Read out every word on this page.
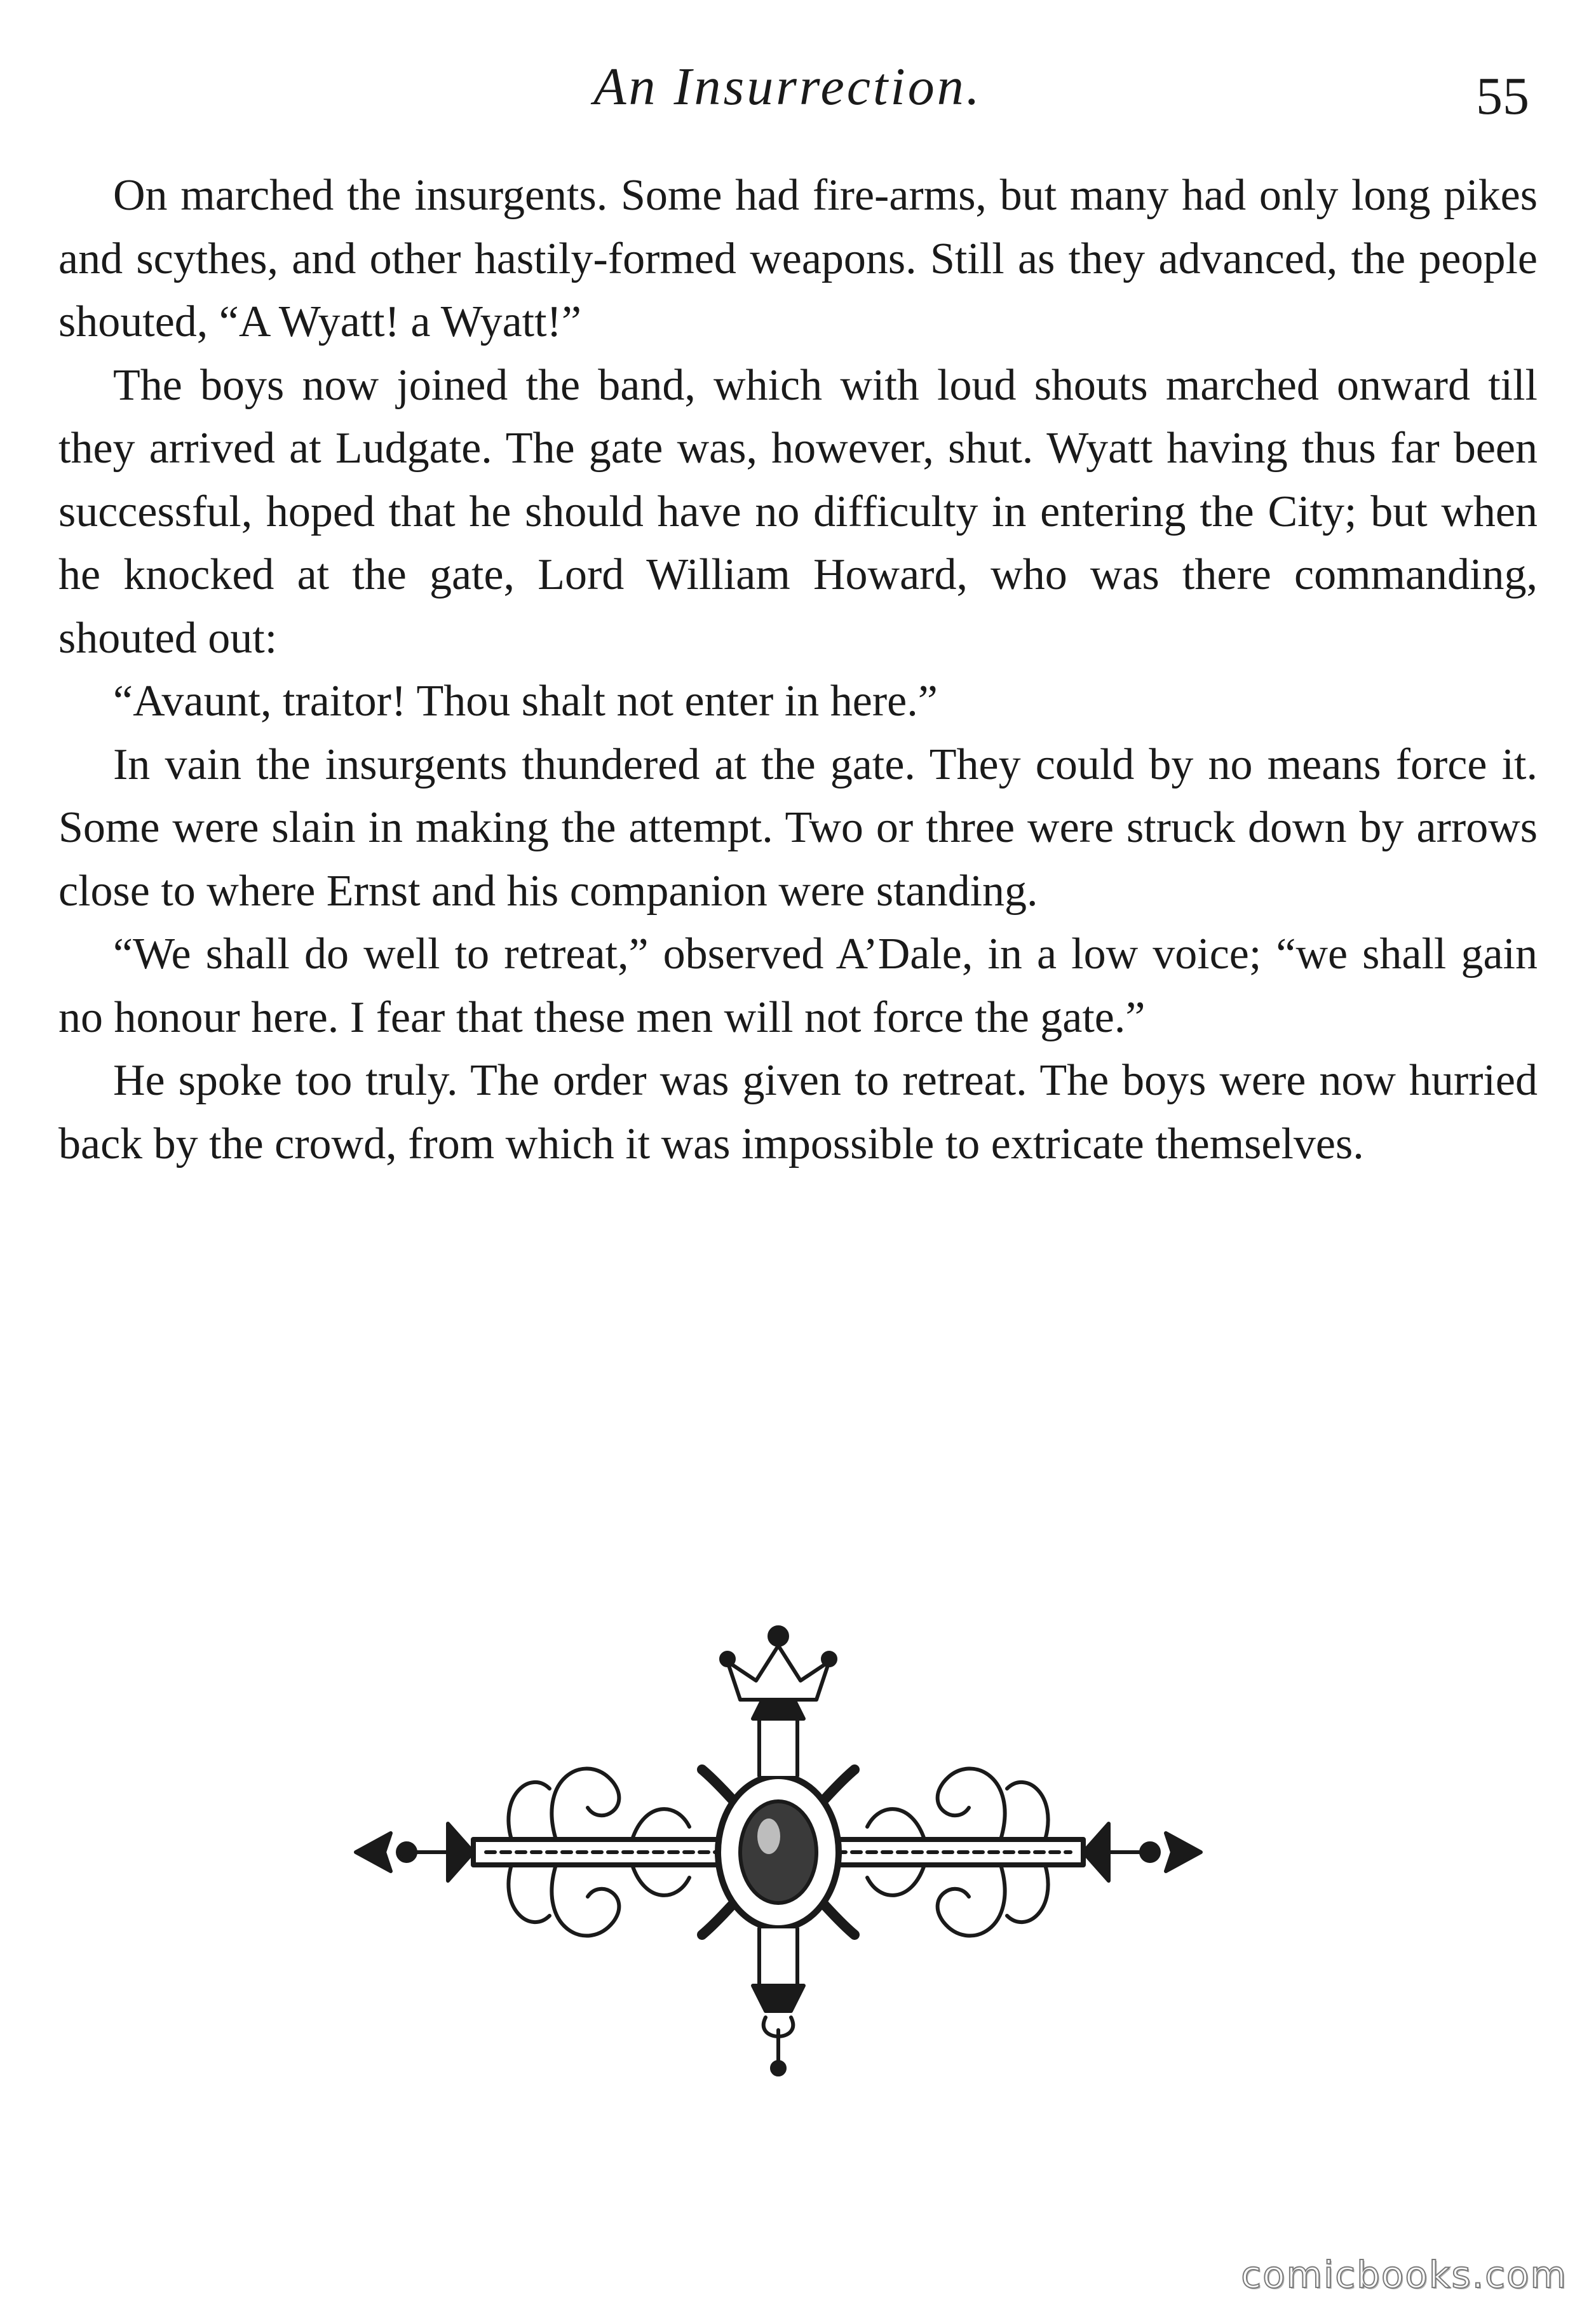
An Insurrection.	55

On marched the insurgents. Some had fire-arms, but many had only long pikes and scythes, and other hastily-formed weapons. Still as they advanced, the people shouted, “A Wyatt! a Wyatt!”

The boys now joined the band, which with loud shouts marched onward till they arrived at Ludgate. The gate was, however, shut. Wyatt having thus far been successful, hoped that he should have no difficulty in entering the City; but when he knocked at the gate, Lord William Howard, who was there commanding, shouted out:

“Avaunt, traitor! Thou shalt not enter in here.”

In vain the insurgents thundered at the gate. They could by no means force it. Some were slain in making the attempt. Two or three were struck down by arrows close to where Ernst and his companion were standing.

“We shall do well to retreat,” observed A’Dale, in a low voice; “we shall gain no honour here. I fear that these men will not force the gate.”

He spoke too truly. The order was given to retreat. The boys were now hurried back by the crowd, from which it was impossible to extricate themselves.

comicbooks.com
